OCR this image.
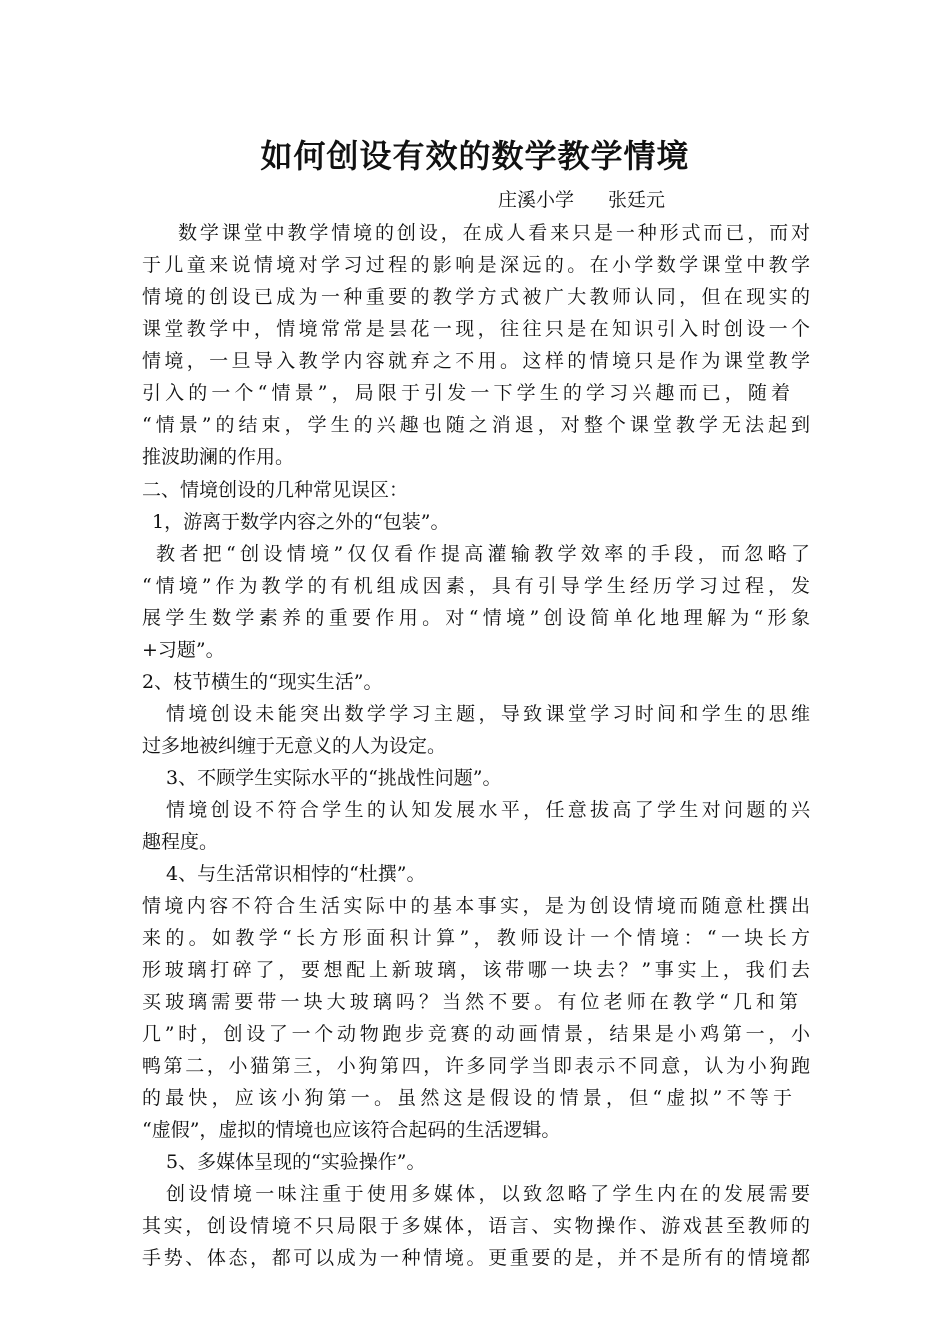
如何创设有效的数学教学情境
庄溪小学 张廷元
数学课堂中教学情境的创设，在成人看来只是一种形式而已，而对
于儿童来说情境对学习过程的影响是深远的。在小学数学课堂中教学
情境的创设已成为一种重要的教学方式被广大教师认同，但在现实的
课堂教学中，情境常常是昙花一现，往往只是在知识引入时创设一个
情境，一旦导入教学内容就弃之不用。这样的情境只是作为课堂教学
引入的一个“情景”，局限于引发一下学生的学习兴趣而已，随着
“情景”的结束，学生的兴趣也随之消退，对整个课堂教学无法起到
推波助澜的作用。
二、情境创设的几种常见误区：
1，游离于数学内容之外的“包装”。
教者把“创设情境”仅仅看作提高灌输教学效率的手段，而忽略了
“情境”作为教学的有机组成因素，具有引导学生经历学习过程，发
展学生数学素养的重要作用。对“情境”创设简单化地理解为“形象
+习题”。
2、枝节横生的“现实生活”。
情境创设未能突出数学学习主题，导致课堂学习时间和学生的思维
过多地被纠缠于无意义的人为设定。
3、不顾学生实际水平的“挑战性问题”。
情境创设不符合学生的认知发展水平，任意拔高了学生对问题的兴
趣程度。
4、与生活常识相悖的“杜撰”。
情境内容不符合生活实际中的基本事实，是为创设情境而随意杜撰出
来的。如教学“长方形面积计算”，教师设计一个情境：“一块长方
形玻璃打碎了，要想配上新玻璃，该带哪一块去？”事实上，我们去
买玻璃需要带一块大玻璃吗？当然不要。有位老师在教学“几和第
几”时，创设了一个动物跑步竞赛的动画情景，结果是小鸡第一，小
鸭第二，小猫第三，小狗第四，许多同学当即表示不同意，认为小狗跑
的最快，应该小狗第一。虽然这是假设的情景，但“虚拟”不等于
“虚假”，虚拟的情境也应该符合起码的生活逻辑。
5、多媒体呈现的“实验操作”。
创设情境一味注重于使用多媒体，以致忽略了学生内在的发展需要
其实，创设情境不只局限于多媒体，语言、实物操作、游戏甚至教师的
手势、体态，都可以成为一种情境。更重要的是，并不是所有的情境都
